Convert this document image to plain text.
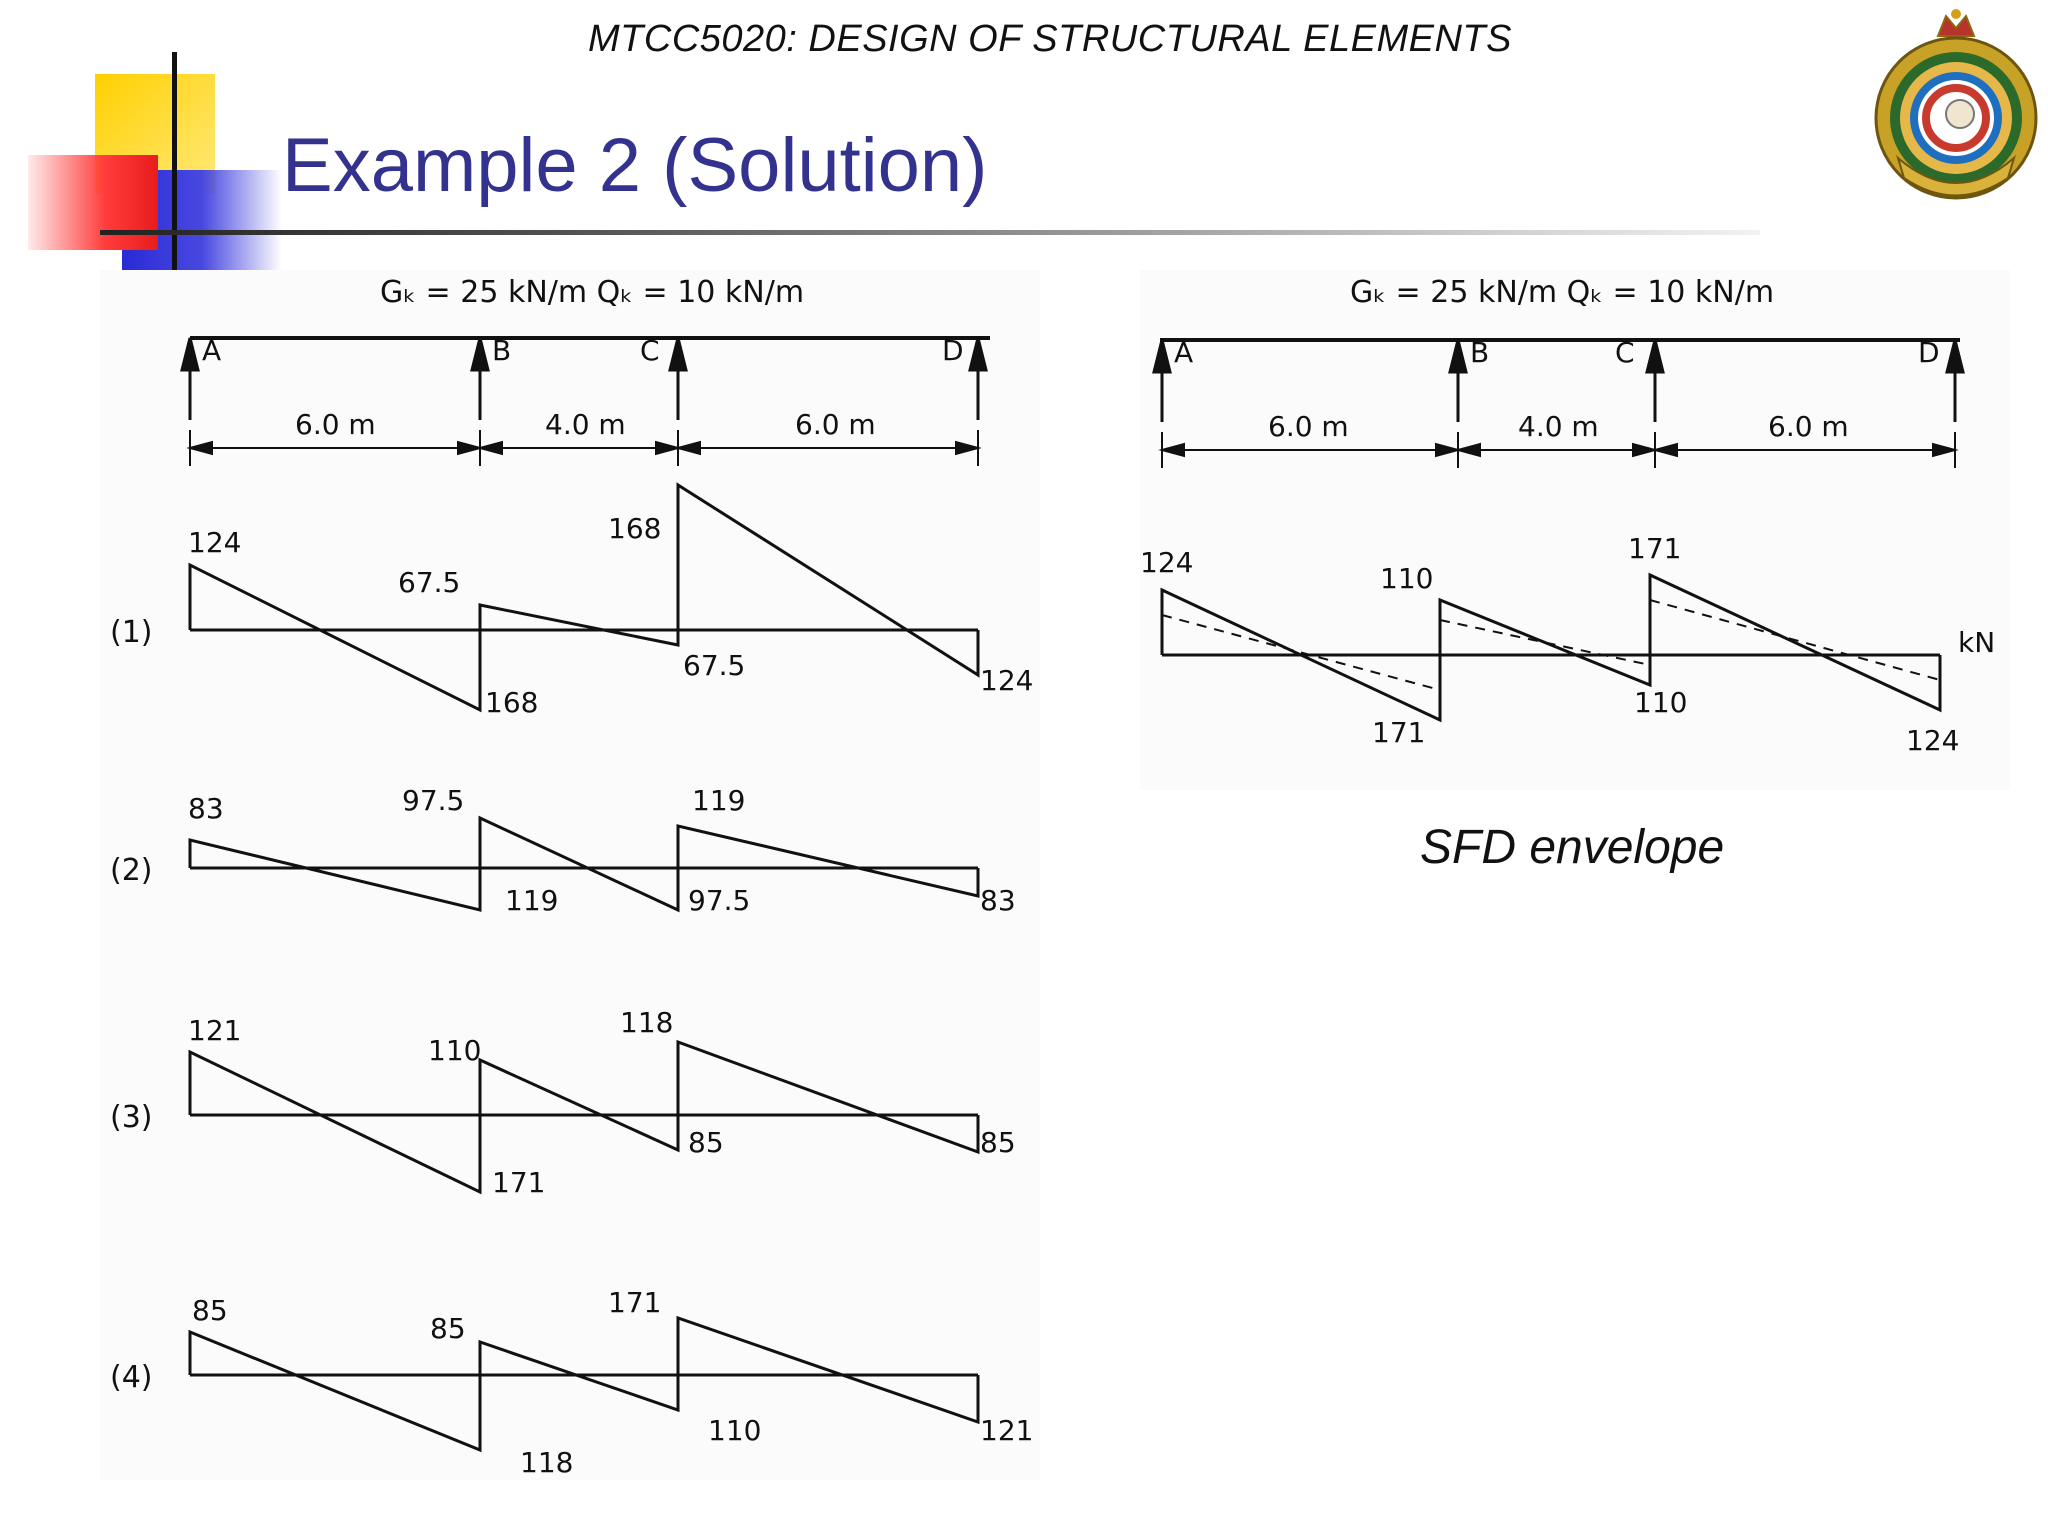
MTCC5020: DESIGN OF STRUCTURAL ELEMENTS
Example 2 (Solution)
Gₖ = 25 kN/m Qₖ = 10 kN/m
A	B	C	D
6.0 m	4.0 m	6.0 m
(1)
124
168
67.5
67.5
168
124
(2)
83
119
97.5
97.5
119
83
(3)
121
171
110
85
118
85
(4)
85
118
85
110
171
121
Gₖ = 25 kN/m Qₖ = 10 kN/m
A	B	C	D
6.0 m	4.0 m	6.0 m
124
171
110
110
171
124
kN
SFD envelope
